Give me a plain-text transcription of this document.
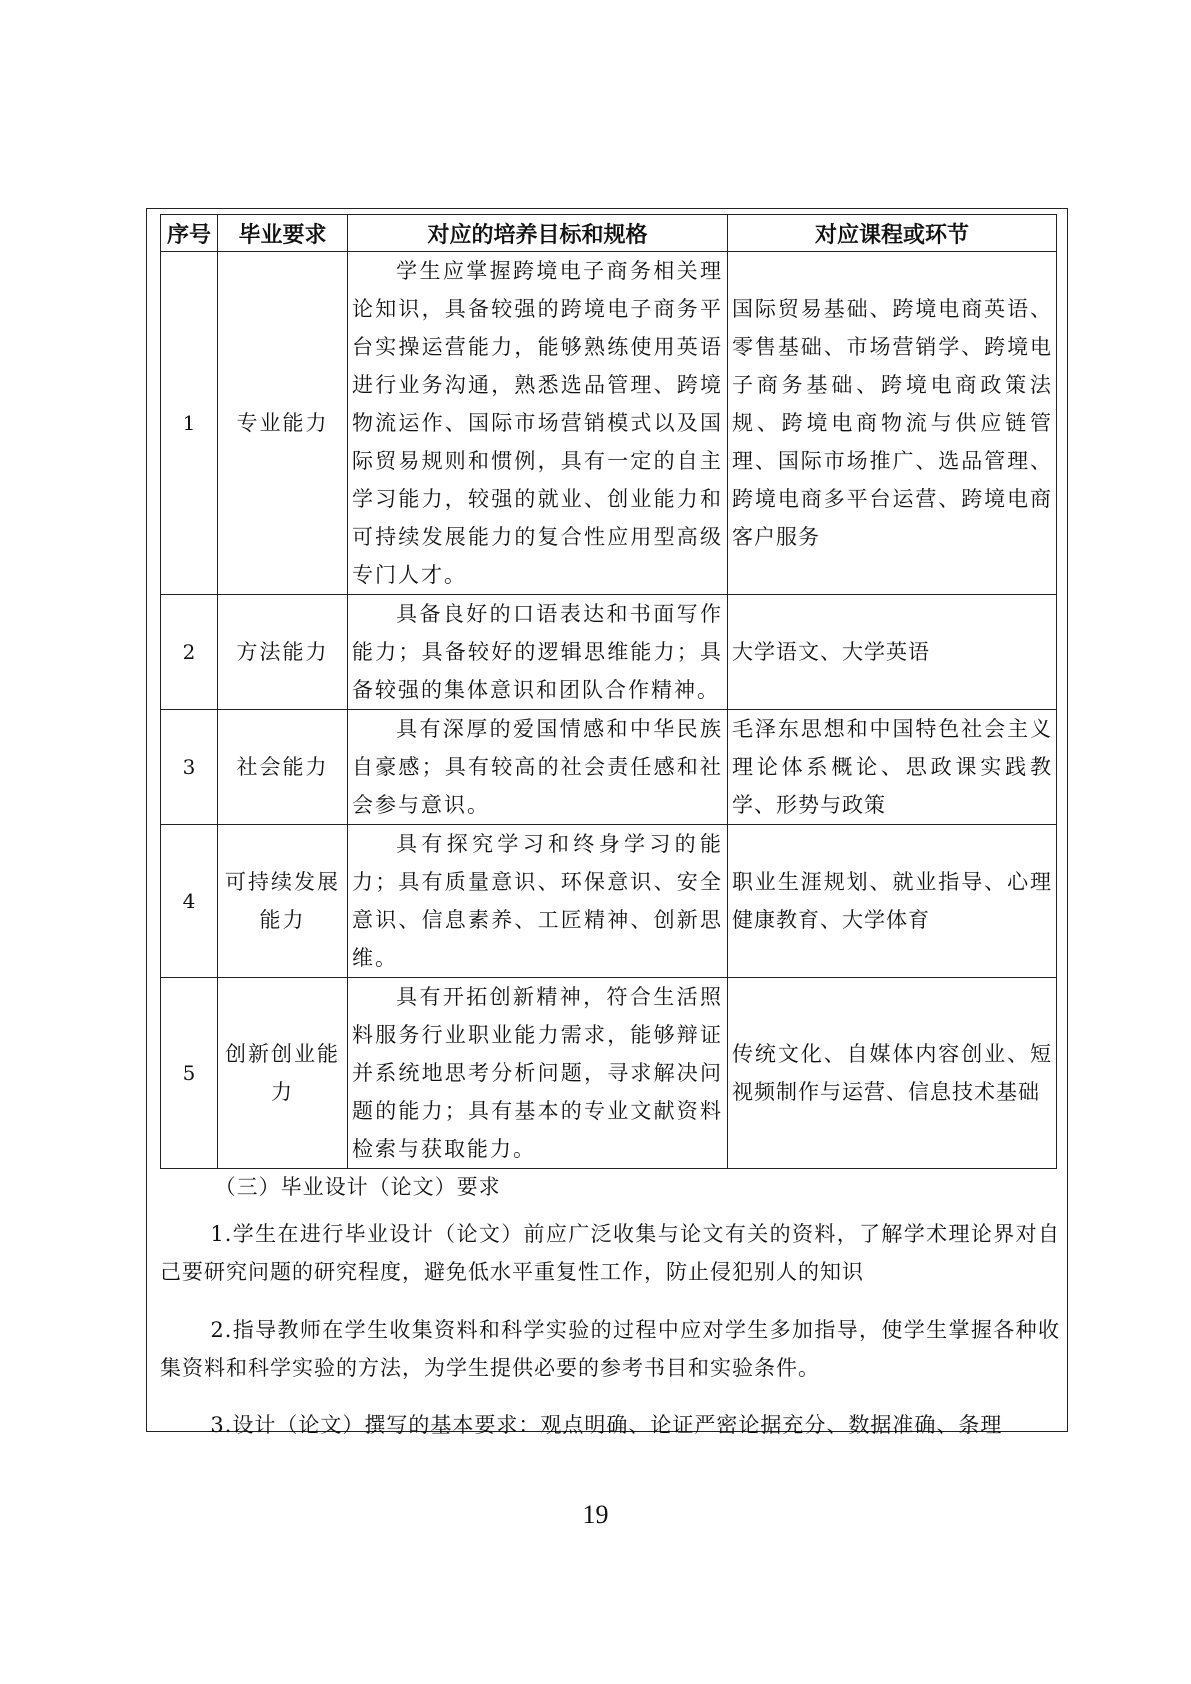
序号	毕业要求	对应的培养目标和规格	对应课程或环节
1	专业能力	学生应掌握跨境电子商务相关理论知识，具备较强的跨境电子商务平台实操运营能力，能够熟练使用英语进行业务沟通，熟悉选品管理、跨境物流运作、国际市场营销模式以及国际贸易规则和惯例，具有一定的自主学习能力，较强的就业、创业能力和可持续发展能力的复合性应用型高级专门人才。	国际贸易基础、跨境电商英语、零售基础、市场营销学、跨境电子商务基础、跨境电商政策法规、跨境电商物流与供应链管理、国际市场推广、选品管理、跨境电商多平台运营、跨境电商客户服务
2	方法能力	具备良好的口语表达和书面写作能力；具备较好的逻辑思维能力；具备较强的集体意识和团队合作精神。	大学语文、大学英语
3	社会能力	具有深厚的爱国情感和中华民族自豪感；具有较高的社会责任感和社会参与意识。	毛泽东思想和中国特色社会主义理论体系概论、思政课实践教学、形势与政策
4	可持续发展能力	具有探究学习和终身学习的能力；具有质量意识、环保意识、安全意识、信息素养、工匠精神、创新思维。	职业生涯规划、就业指导、心理健康教育、大学体育
5	创新创业能力	具有开拓创新精神，符合生活照料服务行业职业能力需求，能够辩证并系统地思考分析问题，寻求解决问题的能力；具有基本的专业文献资料检索与获取能力。	传统文化、自媒体内容创业、短视频制作与运营、信息技术基础
（三）毕业设计（论文）要求
1.学生在进行毕业设计（论文）前应广泛收集与论文有关的资料，了解学术理论界对自己要研究问题的研究程度，避免低水平重复性工作，防止侵犯别人的知识
2.指导教师在学生收集资料和科学实验的过程中应对学生多加指导，使学生掌握各种收集资料和科学实验的方法，为学生提供必要的参考书目和实验条件。
3.设计（论文）撰写的基本要求：观点明确、论证严密论据充分、数据准确、条理
19
